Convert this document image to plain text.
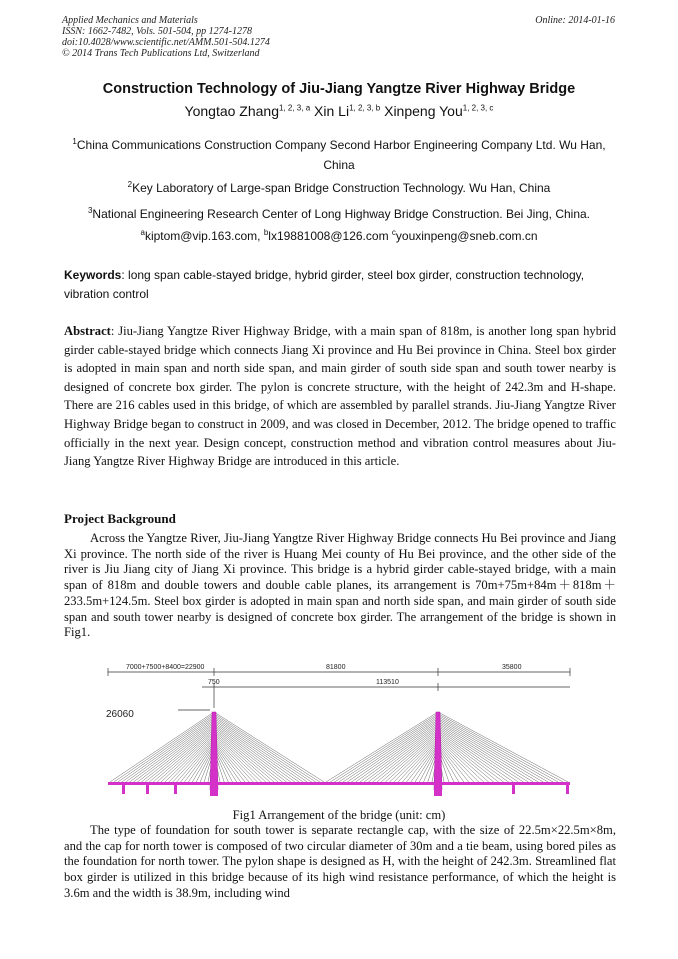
Applied Mechanics and Materials
ISSN: 1662-7482, Vols. 501-504, pp 1274-1278
doi:10.4028/www.scientific.net/AMM.501-504.1274
© 2014 Trans Tech Publications Ltd, Switzerland
Online: 2014-01-16
Construction Technology of Jiu-Jiang Yangtze River Highway Bridge
Yongtao Zhang$^{1, 2, 3, a}$ Xin Li$^{1, 2, 3, b}$ Xinpeng You$^{1, 2, 3, c}$
$^1$China Communications Construction Company Second Harbor Engineering Company Ltd. Wu Han, China
$^2$Key Laboratory of Large-span Bridge Construction Technology. Wu Han, China
$^3$National Engineering Research Center of Long Highway Bridge Construction. Bei Jing, China.
$^a$kiptom@vip.163.com, $^b$lx19881008@126.com $^c$youxinpeng@sneb.com.cn
Keywords: long span cable-stayed bridge, hybrid girder, steel box girder, construction technology, vibration control
Abstract: Jiu-Jiang Yangtze River Highway Bridge, with a main span of 818m, is another long span hybrid girder cable-stayed bridge which connects Jiang Xi province and Hu Bei province in China. Steel box girder is adopted in main span and north side span, and main girder of south side span and south tower nearby is designed of concrete box girder. The pylon is concrete structure, with the height of 242.3m and H-shape. There are 216 cables used in this bridge, of which are assembled by parallel strands. Jiu-Jiang Yangtze River Highway Bridge began to construct in 2009, and was closed in December, 2012. The bridge opened to traffic officially in the next year. Design concept, construction method and vibration control measures about Jiu-Jiang Yangtze River Highway Bridge are introduced in this article.
Project Background
Across the Yangtze River, Jiu-Jiang Yangtze River Highway Bridge connects Hu Bei province and Jiang Xi province. The north side of the river is Huang Mei county of Hu Bei province, and the other side of the river is Jiu Jiang city of Jiang Xi province. This bridge is a hybrid girder cable-stayed bridge, with a main span of 818m and double towers and double cable planes, its arrangement is 70m+75m+84m＋818m＋233.5m+124.5m. Steel box girder is adopted in main span and north side span, and main girder of south side span and south tower nearby is designed of concrete box girder. The arrangement of the bridge is shown in Fig1.
7000+7500+8400=22900	81800	35800
750	113510
26060
Fig1 Arrangement of the bridge (unit: cm)
The type of foundation for south tower is separate rectangle cap, with the size of 22.5m×22.5m×8m, and the cap for north tower is composed of two circular diameter of 30m and a tie beam, using bored piles as the foundation for north tower. The pylon shape is designed as H, with the height of 242.3m. Streamlined flat box girder is utilized in this bridge because of its high wind resistance performance, of which the height is 3.6m and the width is 38.9m, including wind
